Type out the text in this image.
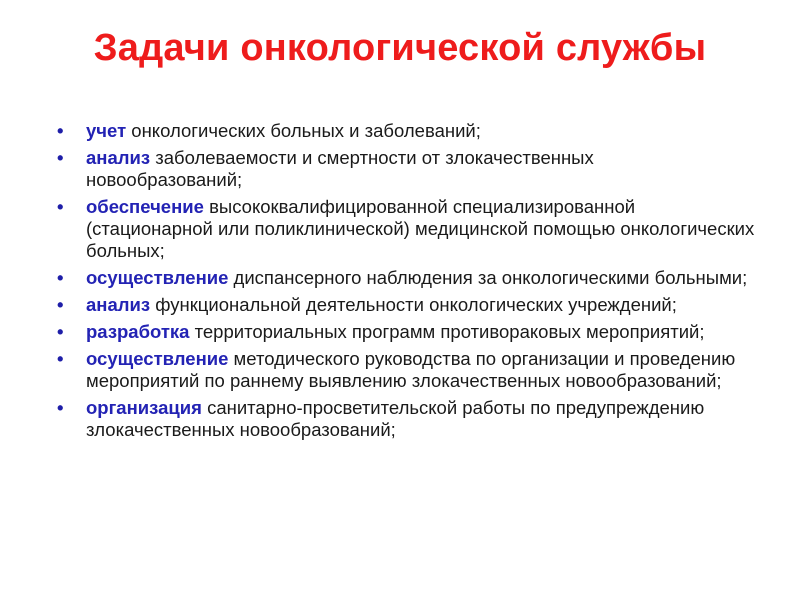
Задачи онкологической службы
• учет онкологических больных и заболеваний;
• анализ заболеваемости и смертности от злокачественных новообразований;
• обеспечение высококвалифицированной специализированной (стационарной или поликлинической) медицинской помощью онкологических больных;
• осуществление диспансерного наблюдения за онкологическими больными;
• анализ функциональной деятельности онкологических учреждений;
• разработка территориальных программ противораковых мероприятий;
• осуществление методического руководства по организации и проведению мероприятий по раннему выявлению злокачественных новообразований;
• организация санитарно-просветительской работы по предупреждению злокачественных новообразований;
